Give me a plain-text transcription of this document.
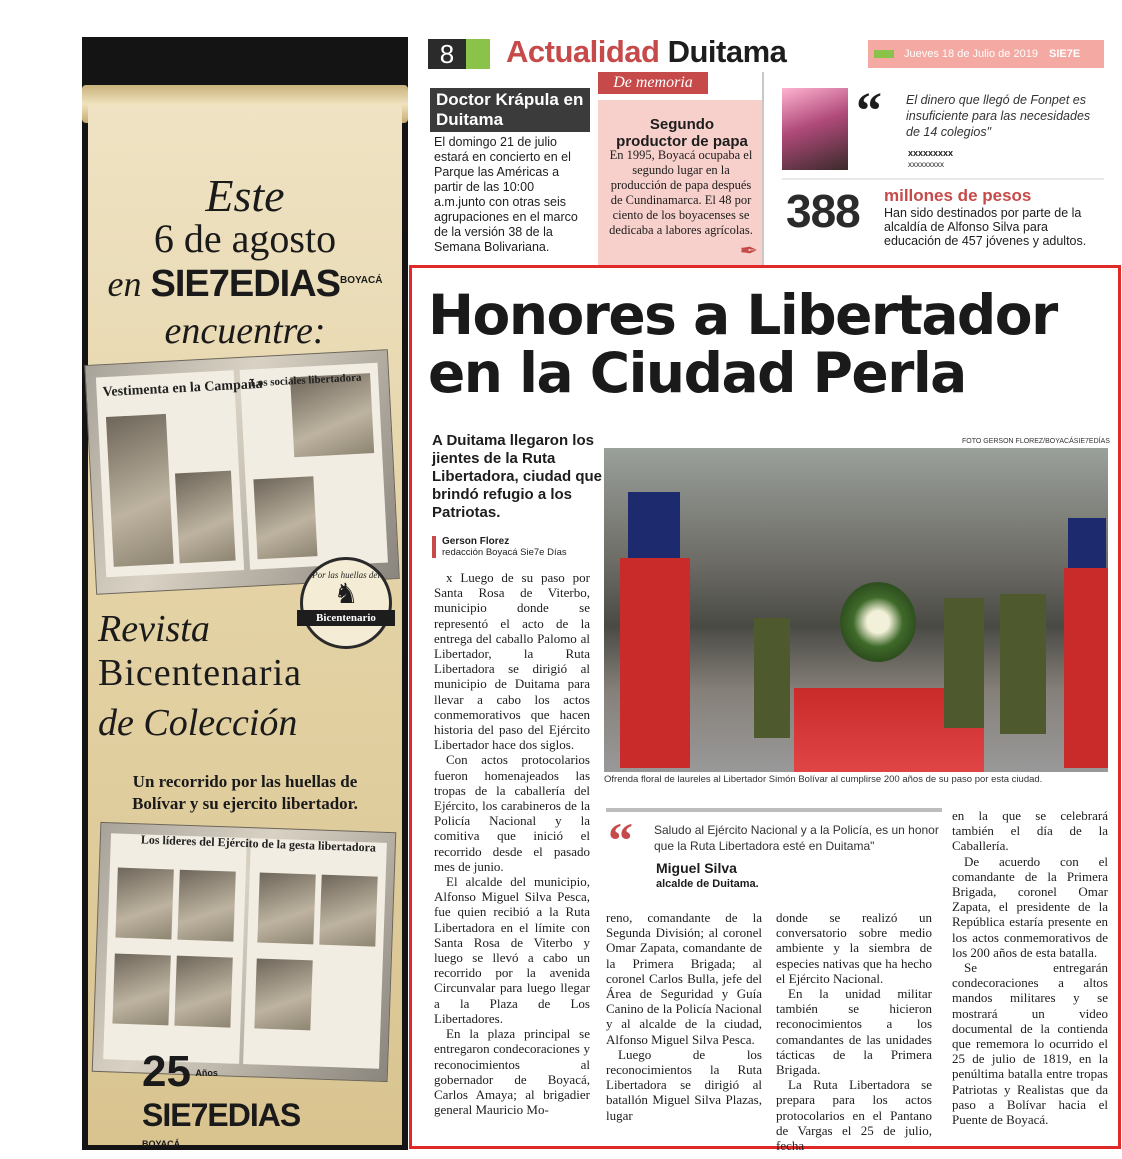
Este
6 de agosto
en $SIE7EDIAS^{BOYACÁ}$
encuentre:
Vestimenta en la Campaña
Los sociales libertadora
Por las huellas del
♞
Bicentenario
Revista
Bicentenaria
de Colección
Un recorrido por las huellas de Bolívar y su ejercito libertador.
Los líderes del Ejército de la gesta libertadora
25 Años SIE7EDIAS BOYACÁ
8	Actualidad Duitama	Jueves 18 de Julio de 2019 SIE7E DIAS
Doctor Krápula en Duitama
El domingo 21 de julio estará en concierto en el Parque las Américas a partir de las 10:00 a.m.junto con otras seis agrupaciones en el marco de la versión 38 de la Semana Bolivariana.
De memoria
Segundo productor de papa
En 1995, Boyacá ocupaba el segundo lugar en la producción de papa después de Cundinamarca. El 48 por ciento de los boyacenses se dedicaba a labores agrícolas.
✒
“ El dinero que llegó de Fonpet es insuficiente para las necesidades de 14 colegios"
xxxxxxxxx
xxxxxxxxx
388 millones de pesos
Han sido destinados por parte de la alcaldía de Alfonso Silva para educación de 457 jóvenes y adultos.
Honores a Libertador
en la Ciudad Perla
A Duitama llegaron los jientes de la Ruta Libertadora, ciudad que brindó refugio a los Patriotas.
Gerson Florez
redacción Boyacá Sie7e Días
FOTO GERSON FLOREZ/BOYACÁSIE7EDÍAS
Ofrenda floral de laureles al Libertador Simón Bolívar al cumplirse 200 años de su paso por esta ciudad.

x Luego de su paso por Santa Rosa de Viterbo, municipio donde se representó el acto de la entrega del caballo Palomo al Libertador, la Ruta Libertadora se dirigió al municipio de Duitama para llevar a cabo los actos conmemorativos que hacen historia del paso del Ejército Libertador hace dos siglos.

Con actos protocolarios fueron homenajeados las tropas de la caballería del Ejército, los carabineros de la Policía Nacional y la comitiva que inició el recorrido desde el pasado mes de junio.

El alcalde del municipio, Alfonso Miguel Silva Pesca, fue quien recibió a la Ruta Libertadora en el límite con Santa Rosa de Viterbo y luego se llevó a cabo un recorrido por la avenida Circunvalar para luego llegar a la Plaza de Los Libertadores.

En la plaza principal se entregaron condecoraciones y reconocimientos al gobernador de Boyacá, Carlos Amaya; al brigadier general Mauricio Mo-

“ Saludo al Ejército Nacional y a la Policía, es un honor que la Ruta Libertadora esté en Duitama"
Miguel Silva
alcalde de Duitama.

reno, comandante de la Segunda División; al coronel Omar Zapata, comandante de la Primera Brigada; al coronel Carlos Bulla, jefe del Área de Seguridad y Guía Canino de la Policía Nacional y al alcalde de la ciudad, Alfonso Miguel Silva Pesca.

Luego de los reconocimientos la Ruta Libertadora se dirigió al batallón Miguel Silva Plazas, lugar

donde se realizó un conversatorio sobre medio ambiente y la siembra de especies nativas que ha hecho el Ejército Nacional.

En la unidad militar también se hicieron reconocimientos a los comandantes de las unidades tácticas de la Primera Brigada.

La Ruta Libertadora se prepara para los actos protocolarios en el Pantano de Vargas el 25 de julio, fecha

en la que se celebrará también el día de la Caballería.

De acuerdo con el comandante de la Primera Brigada, coronel Omar Zapata, el presidente de la República estaría presente en los actos conmemorativos de los 200 años de esta batalla.

Se entregarán condecoraciones a altos mandos militares y se mostrará un video documental de la contienda que rememora lo ocurrido el 25 de julio de 1819, en la penúltima batalla entre tropas Patriotas y Realistas que da paso a Bolívar hacia el Puente de Boyacá.
